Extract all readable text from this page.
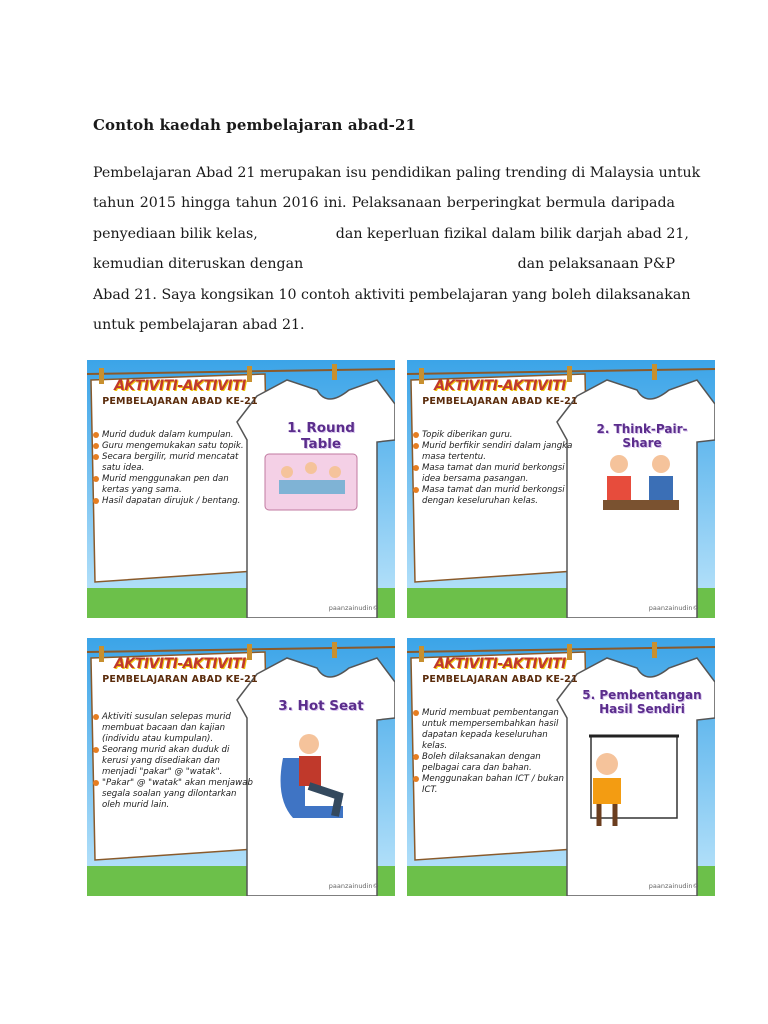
Contoh kaedah pembelajaran abad-21
Pembelajaran Abad 21 merupakan isu pendidikan paling trending di Malaysia untuk
tahun 2015 hingga tahun 2016 ini. Pelaksanaan berperingkat bermula daripada
penyediaan bilik kelas,	dan keperluan fizikal dalam bilik darjah abad 21,
kemudian diteruskan dengan	dan pelaksanaan P&P
Abad 21. Saya kongsikan 10 contoh aktiviti pembelajaran yang boleh dilaksanakan
untuk pembelajaran abad 21.
AKTIVITI-AKTIVITI
PEMBELAJARAN ABAD KE-21
Murid duduk dalam kumpulan.
Guru mengemukakan satu topik.
Secara bergilir, murid mencatat satu idea.
Murid menggunakan pen dan kertas yang sama.
Hasil dapatan dirujuk / bentang.
1. Round Table
paanzainudin©
AKTIVITI-AKTIVITI
PEMBELAJARAN ABAD KE-21
Topik diberikan guru.
Murid berfikir sendiri dalam jangka masa tertentu.
Masa tamat dan murid berkongsi idea bersama pasangan.
Masa tamat dan murid berkongsi dengan keseluruhan kelas.
2. Think-Pair-Share
paanzainudin©
AKTIVITI-AKTIVITI
PEMBELAJARAN ABAD KE-21
Aktiviti susulan selepas murid membuat bacaan dan kajian (individu atau kumpulan).
Seorang murid akan duduk di kerusi yang disediakan dan menjadi "pakar" @ "watak".
"Pakar" @ "watak" akan menjawab segala soalan yang dilontarkan oleh murid lain.
3. Hot Seat
paanzainudin©
AKTIVITI-AKTIVITI
PEMBELAJARAN ABAD KE-21
Murid membuat pembentangan untuk mempersembahkan hasil dapatan kepada keseluruhan kelas.
Boleh dilaksanakan dengan pelbagai cara dan bahan.
Menggunakan bahan ICT / bukan ICT.
5. Pembentangan Hasil Sendiri
paanzainudin©
